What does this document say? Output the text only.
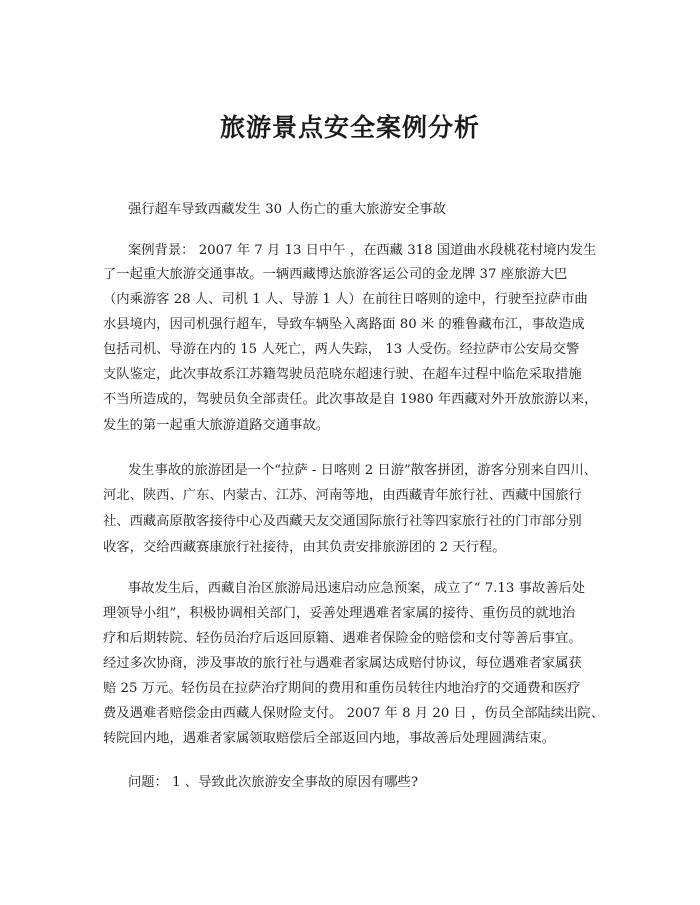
旅游景点安全案例分析

强行超车导致西藏发生 30 人伤亡的重大旅游安全事故

案例背景： 2007 年 7 月 13 日中午 ，在西藏 318 国道曲水段桃花村境内发生

了一起重大旅游交通事故。一辆西藏博达旅游客运公司的金龙牌 37 座旅游大巴

（内乘游客 28 人、司机 1 人、导游 1 人）在前往日喀则的途中，行驶至拉萨市曲

水县境内，因司机强行超车，导致车辆坠入离路面 80 米 的雅鲁藏布江，事故造成

包括司机、导游在内的 15 人死亡，两人失踪， 13 人受伤。经拉萨市公安局交警

支队鉴定，此次事故系江苏籍驾驶员范晓东超速行驶、在超车过程中临危采取措施

不当所造成的，驾驶员负全部责任。此次事故是自 1980 年西藏对外开放旅游以来，

发生的第一起重大旅游道路交通事故。

发生事故的旅游团是一个“拉萨 - 日喀则 2 日游”散客拼团，游客分别来自四川、

河北、陕西、广东、内蒙古、江苏、河南等地，由西藏青年旅行社、西藏中国旅行

社、西藏高原散客接待中心及西藏天友交通国际旅行社等四家旅行社的门市部分别

收客，交给西藏赛康旅行社接待，由其负责安排旅游团的 2 天行程。

事故发生后，西藏自治区旅游局迅速启动应急预案，成立了“ 7.13 事故善后处

理领导小组”，积极协调相关部门，妥善处理遇难者家属的接待、重伤员的就地治

疗和后期转院、轻伤员治疗后返回原籍、遇难者保险金的赔偿和支付等善后事宜。

经过多次协商，涉及事故的旅行社与遇难者家属达成赔付协议，每位遇难者家属获

赔 25 万元。轻伤员在拉萨治疗期间的费用和重伤员转往内地治疗的交通费和医疗

费及遇难者赔偿金由西藏人保财险支付。 2007 年 8 月 20 日 ，伤员全部陆续出院、

转院回内地，遇难者家属领取赔偿后全部返回内地，事故善后处理圆满结束。

问题： 1 、导致此次旅游安全事故的原因有哪些?
